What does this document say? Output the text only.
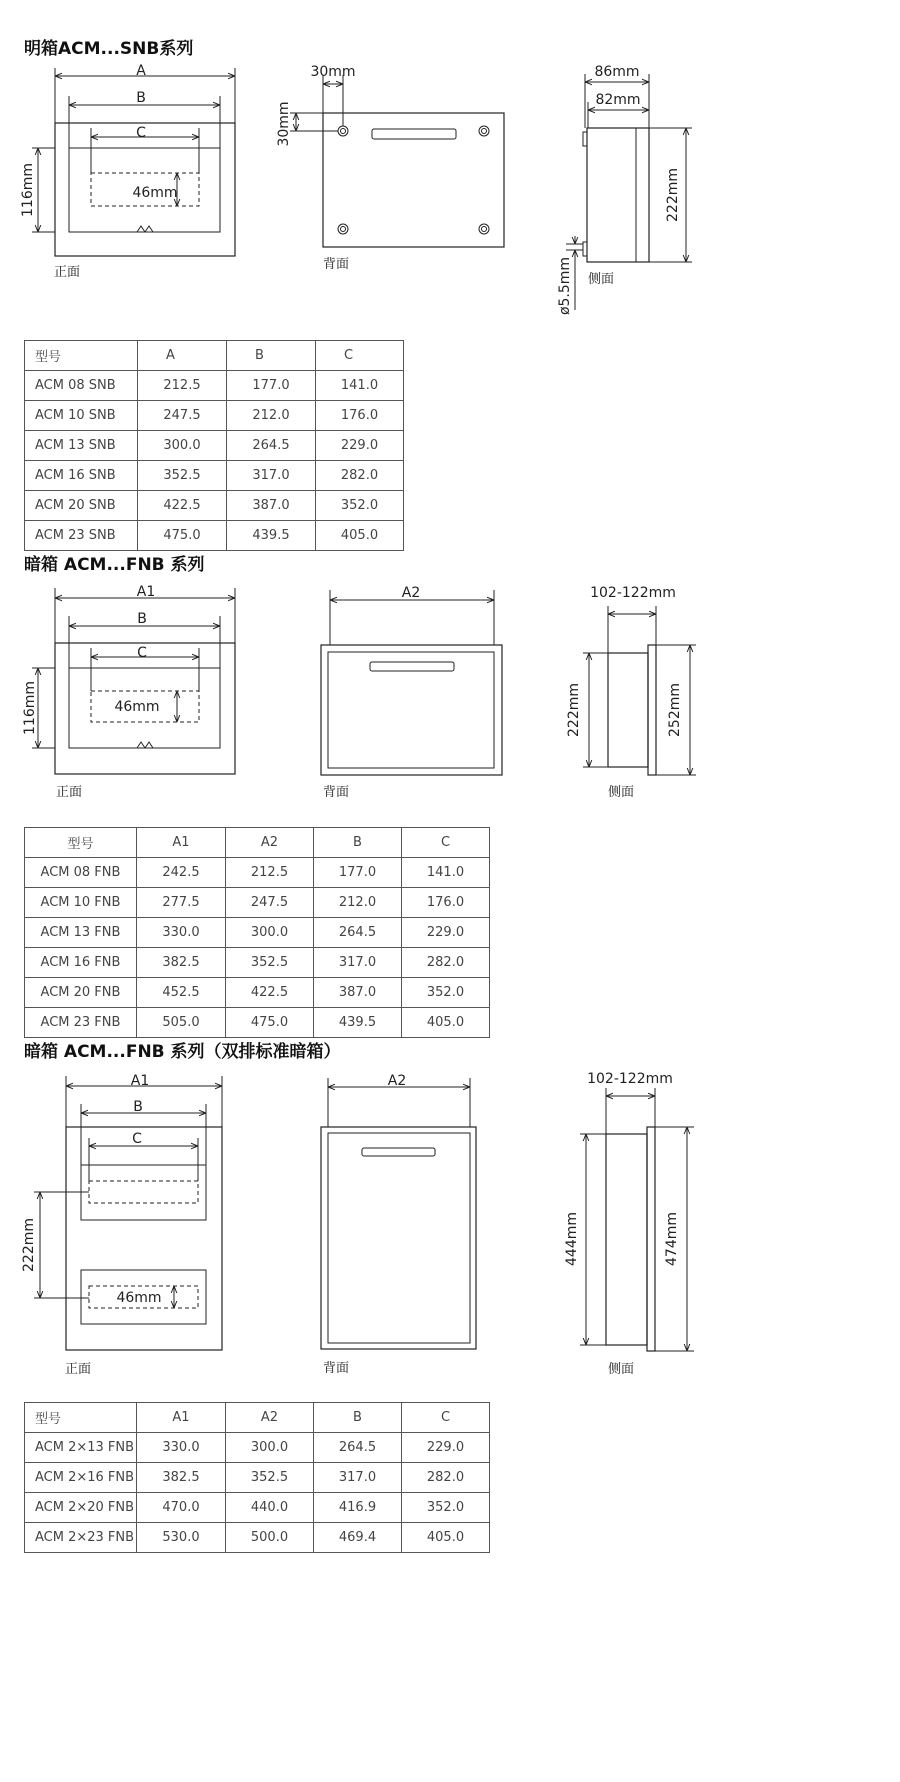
明箱ACM...SNB系列
A
B
C
46mm
116mm
正面
30mm
30mm
背面
86mm
82mm
222mm
ø5.5mm 侧面
型号	A	B	C
ACM 08 SNB	212.5	177.0	141.0
ACM 10 SNB	247.5	212.0	176.0
ACM 13 SNB	300.0	264.5	229.0
ACM 16 SNB	352.5	317.0	282.0
ACM 20 SNB	422.5	387.0	352.0
ACM 23 SNB	475.0	439.5	405.0
暗箱 ACM...FNB 系列
A1
B
C
46mm
116mm
正面
A2
背面
102-122mm
222mm	252mm
侧面
型号	A1	A2	B	C
ACM 08 FNB	242.5	212.5	177.0	141.0
ACM 10 FNB	277.5	247.5	212.0	176.0
ACM 13 FNB	330.0	300.0	264.5	229.0
ACM 16 FNB	382.5	352.5	317.0	282.0
ACM 20 FNB	452.5	422.5	387.0	352.0
ACM 23 FNB	505.0	475.0	439.5	405.0
暗箱 ACM...FNB 系列（双排标准暗箱）
A1
B
C
46mm
222mm
正面
A2
背面
102-122mm
444mm	474mm
侧面
型号	A1	A2	B	C
ACM 2×13 FNB	330.0	300.0	264.5	229.0
ACM 2×16 FNB	382.5	352.5	317.0	282.0
ACM 2×20 FNB	470.0	440.0	416.9	352.0
ACM 2×23 FNB	530.0	500.0	469.4	405.0
